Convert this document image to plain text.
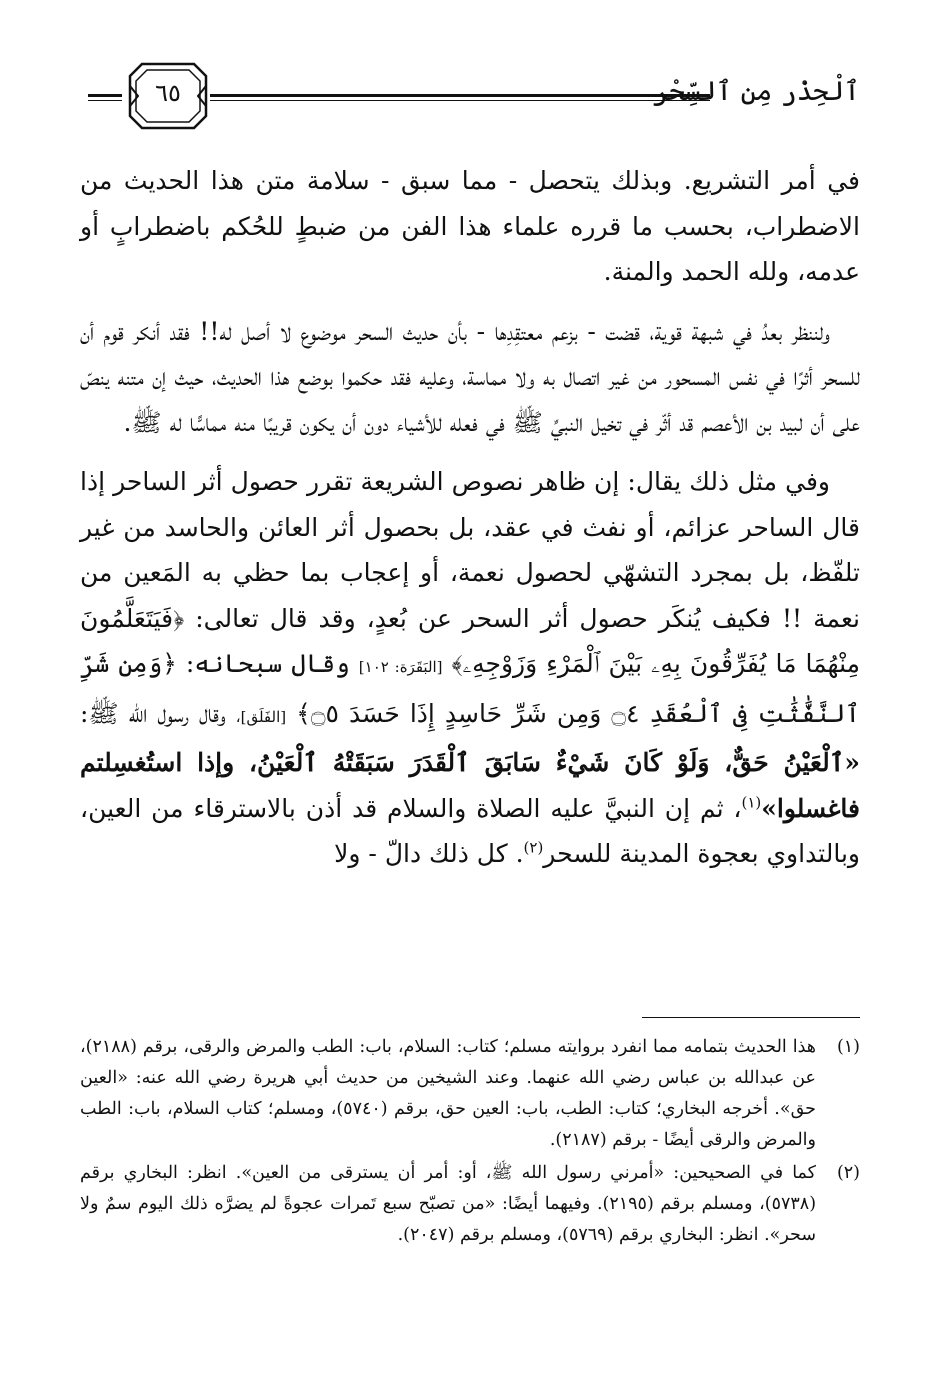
ٱلْحِذْر مِن ٱلسِّحْر
٦٥

في أمر التشريع. وبذلك يتحصل - مما سبق - سلامة متن هذا الحديث من الاضطراب، بحسب ما قرره علماء هذا الفن من ضبطٍ للحُكم باضطرابٍ أو عدمه، ولله الحمد والمنة.

ولننظر بعدُ في شبهة قوية، قضت - بزعم معتقِدِها - بأن حديث السحر موضوع لا أصل له!! فقد أنكر قوم أن للسحر أثرًا في نفس المسحور من غير اتصال به ولا مماسة، وعليه فقد حكموا بوضع هذا الحديث، حيث إن متنه ينصّ على أن لبيد بن الأعصم قد أثّر في تخيل النبيِّ ﷺ في فعله للأشياء دون أن يكون قريبًا منه مماسًّا له ﷺ.

وفي مثل ذلك يقال: إن ظاهر نصوص الشريعة تقرر حصول أثر الساحر إذا قال الساحر عزائم، أو نفث في عقد، بل بحصول أثر العائن والحاسد من غير تلفّظ، بل بمجرد التشهّي لحصول نعمة، أو إعجاب بما حظي به المَعين من نعمة !! فكيف يُنكَر حصول أثر السحر عن بُعدٍ، وقد قال تعالى: ﴿فَيَتَعَلَّمُونَ مِنْهُمَا مَا يُفَرِّقُونَ بِهِۦ بَيْنَ ٱلْمَرْءِ وَزَوْجِهِۦ﴾ [البَقَرَة: ١٠٢] وقال سبحانه: ﴿وَمِن شَرِّ ٱلنَّفَّٰثَٰتِ فِى ٱلْعُقَدِ ۝٤ وَمِن شَرِّ حَاسِدٍ إِذَا حَسَدَ ۝٥﴾ [الفَلَق]، وقال رسول الله ﷺ: «ٱلْعَيْنُ حَقٌّ، وَلَوْ كَانَ شَيْءٌ سَابَقَ ٱلْقَدَرَ سَبَقَتْهُ ٱلْعَيْنُ، وإذا استُغسِلتم فاغسلوا»$^{(١)}$، ثم إن النبيَّ عليه الصلاة والسلام قد أذن بالاسترقاء من العين، وبالتداوي بعجوة المدينة للسحر$^{(٢)}$. كل ذلك دالّ - ولا

(١)
هذا الحديث بتمامه مما انفرد بروايته مسلم؛ كتاب: السلام، باب: الطب والمرض والرقى، برقم (٢١٨٨)، عن عبدالله بن عباس رضي الله عنهما. وعند الشيخين من حديث أبي هريرة رضي الله عنه: «العين حق». أخرجه البخاري؛ كتاب: الطب، باب: العين حق، برقم (٥٧٤٠)، ومسلم؛ كتاب السلام، باب: الطب والمرض والرقى أيضًا - برقم (٢١٨٧).
(٢)
كما في الصحيحين: «أمرني رسول الله ﷺ، أو: أمر أن يسترقى من العين». انظر: البخاري برقم (٥٧٣٨)، ومسلم برقم (٢١٩٥). وفيهما أيضًا: «من تصبّح سبع تَمرات عجوةً لم يضرَّه ذلك اليوم سمٌ ولا سحر». انظر: البخاري برقم (٥٧٦٩)، ومسلم برقم (٢٠٤٧).
